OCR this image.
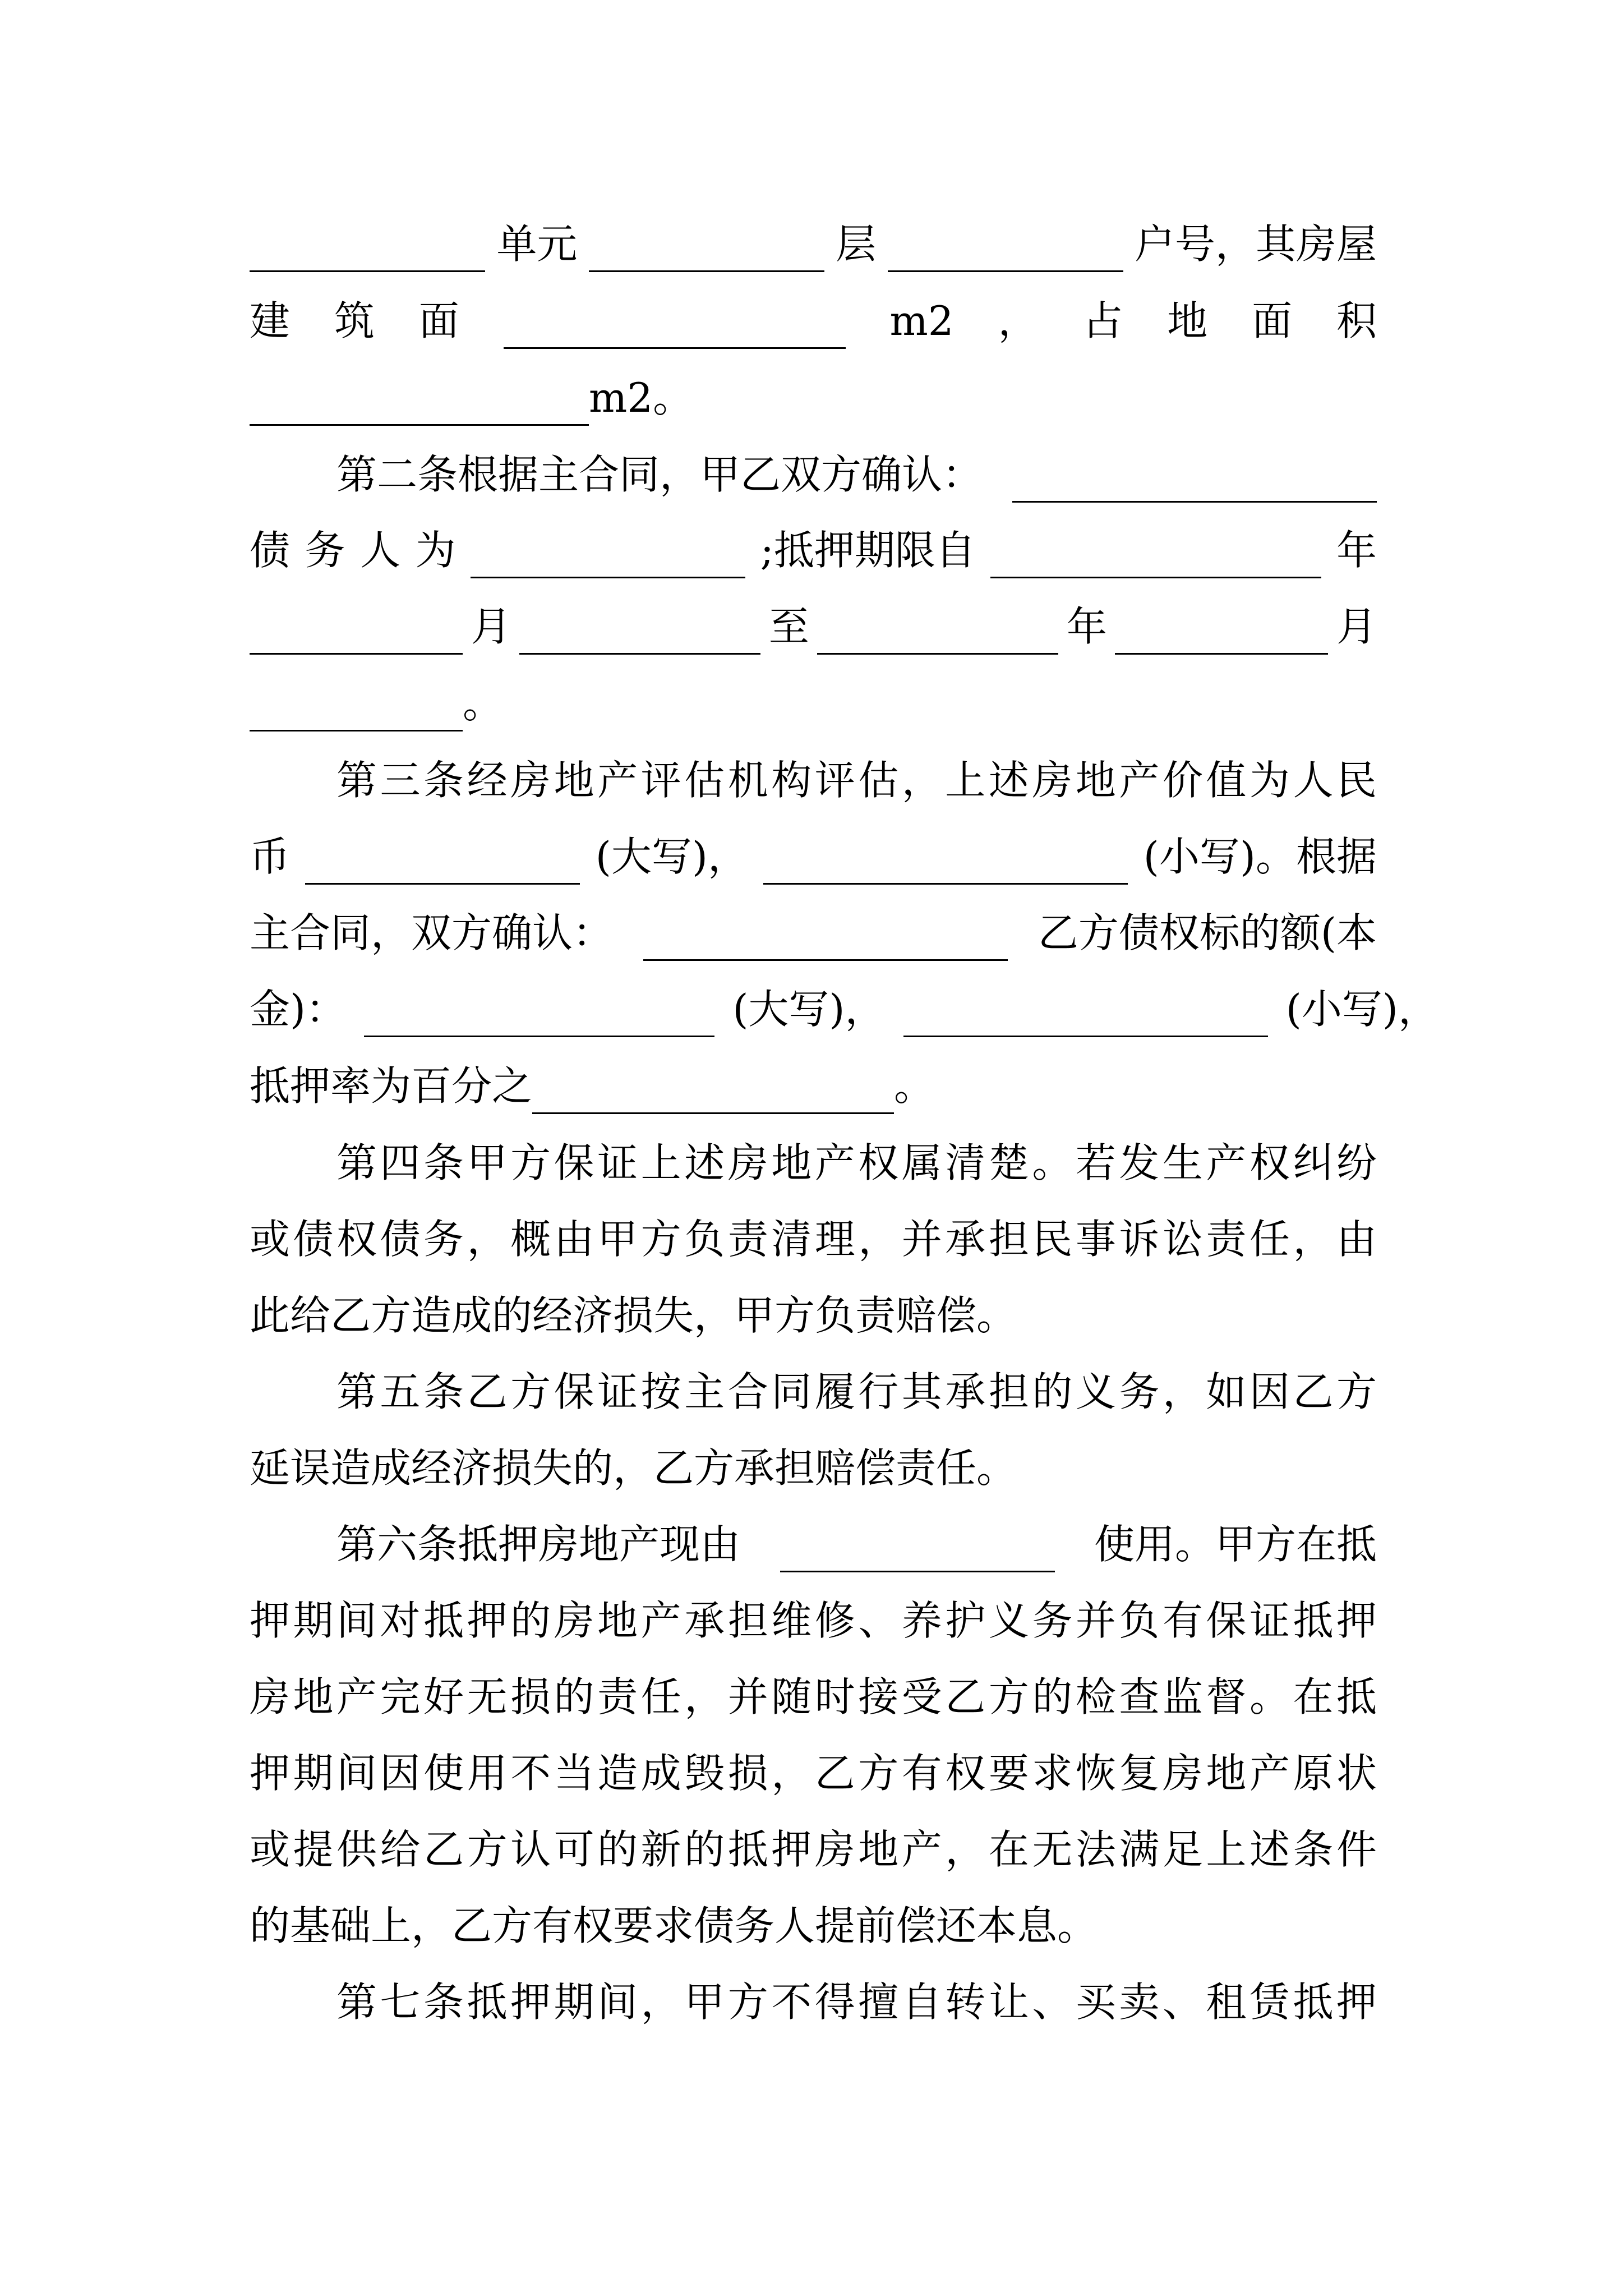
单元	层	户号，其房屋
建 筑 面	m2 ， 占 地 面 积
m2。
第二条根据主合同，甲乙双方确认：
债 务 人 为	;抵押期限自	年
月	至	年	月
。
第三条经房地产评估机构评估，上述房地产价值为人民
币	(大写)，	(小写)。根据
主合同，双方确认：	乙方债权标的额(本
金)：	(大写)，	(小写)，
抵押率为百分之	。
第四条甲方保证上述房地产权属清楚。若发生产权纠纷
或债权债务，概由甲方负责清理，并承担民事诉讼责任，由
此给乙方造成的经济损失，甲方负责赔偿。
第五条乙方保证按主合同履行其承担的义务，如因乙方
延误造成经济损失的，乙方承担赔偿责任。
第六条抵押房地产现由	使用。甲方在抵
押期间对抵押的房地产承担维修、养护义务并负有保证抵押
房地产完好无损的责任，并随时接受乙方的检查监督。在抵
押期间因使用不当造成毁损，乙方有权要求恢复房地产原状
或提供给乙方认可的新的抵押房地产，在无法满足上述条件
的基础上，乙方有权要求债务人提前偿还本息。
第七条抵押期间，甲方不得擅自转让、买卖、租赁抵押
